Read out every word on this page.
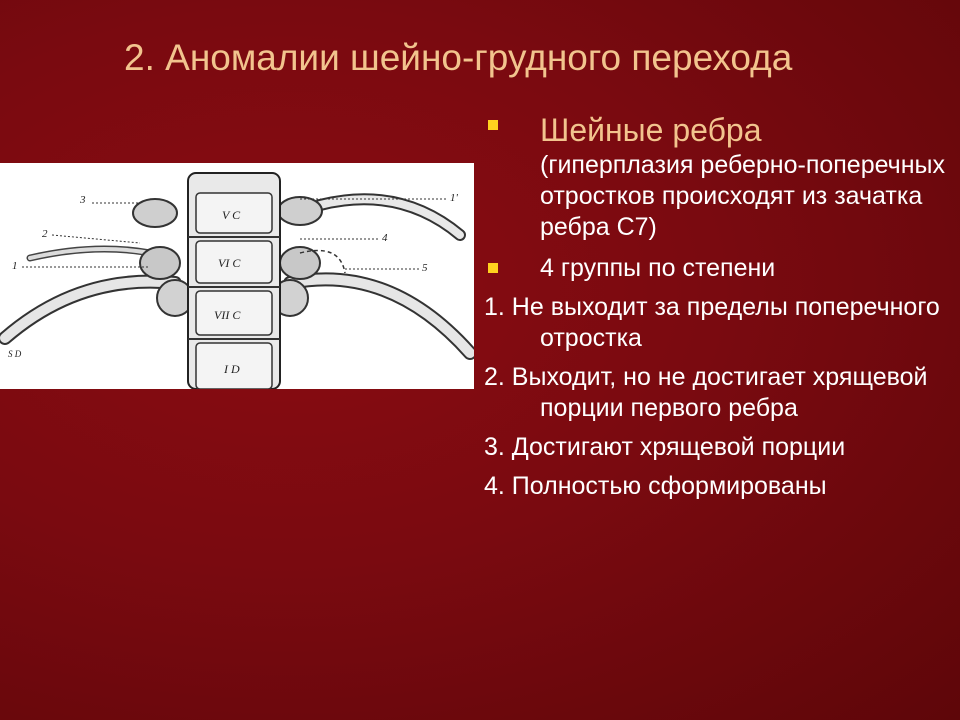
2. Аномалии шейно-грудного перехода
V C
VI C
VII C
I D
3
2
1
1'
4
5
S D
Шейные ребра
(гиперплазия реберно-поперечных отростков происходят из зачатка ребра С7)
4 группы по степени
1. Не выходит за пределы поперечного отростка
2. Выходит, но не достигает хрящевой порции первого ребра
3. Достигают хрящевой порции
4. Полностью сформированы
